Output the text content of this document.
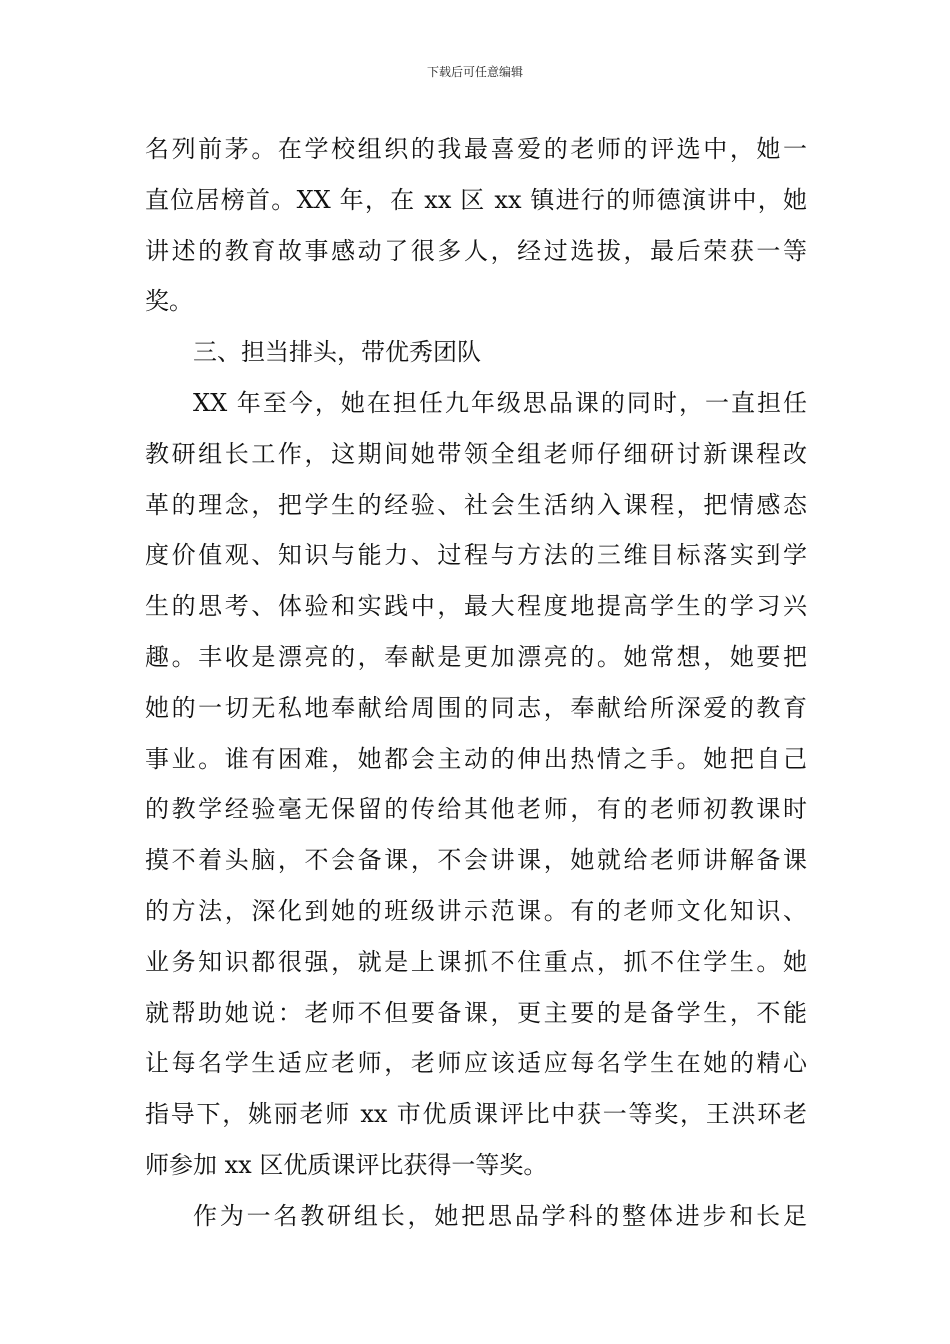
下载后可任意编辑
名列前茅。在学校组织的我最喜爱的老师的评选中，她一
直位居榜首。XX 年，在 xx 区 xx 镇进行的师德演讲中，她
讲述的教育故事感动了很多人，经过选拔，最后荣获一等
奖。
三、担当排头，带优秀团队
XX 年至今，她在担任九年级思品课的同时，一直担任
教研组长工作，这期间她带领全组老师仔细研讨新课程改
革的理念，把学生的经验、社会生活纳入课程，把情感态
度价值观、知识与能力、过程与方法的三维目标落实到学
生的思考、体验和实践中，最大程度地提高学生的学习兴
趣。丰收是漂亮的，奉献是更加漂亮的。她常想，她要把
她的一切无私地奉献给周围的同志，奉献给所深爱的教育
事业。谁有困难，她都会主动的伸出热情之手。她把自己
的教学经验毫无保留的传给其他老师，有的老师初教课时
摸不着头脑，不会备课，不会讲课，她就给老师讲解备课
的方法，深化到她的班级讲示范课。有的老师文化知识、
业务知识都很强，就是上课抓不住重点，抓不住学生。她
就帮助她说：老师不但要备课，更主要的是备学生，不能
让每名学生适应老师，老师应该适应每名学生在她的精心
指导下，姚丽老师 xx 市优质课评比中获一等奖，王洪环老
师参加 xx 区优质课评比获得一等奖。
作为一名教研组长，她把思品学科的整体进步和长足
